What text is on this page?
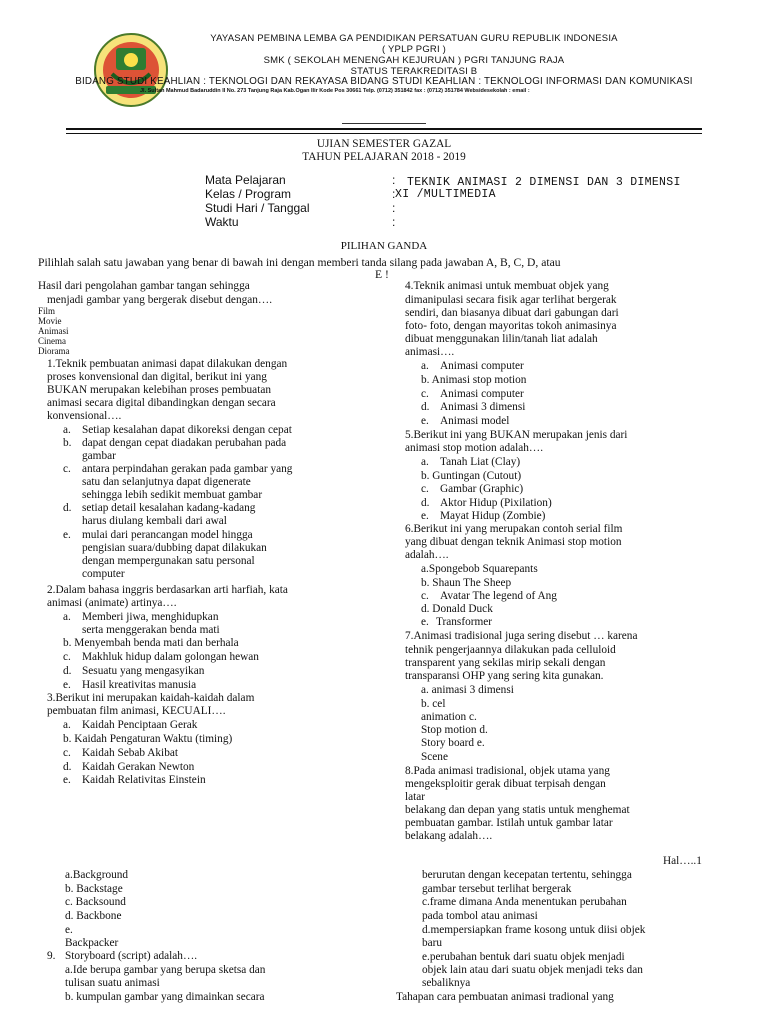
YAYASAN PEMBINA LEMBA GA PENDIDIKAN PERSATUAN GURU REPUBLIK INDONESIA
( YPLP PGRI )
SMK ( SEKOLAH MENENGAH KEJURUAN ) PGRI TANJUNG RAJA
STATUS TERAKREDITASI B
BIDANG STUDI KEAHLIAN : TEKNOLOGI DAN REKAYASA BIDANG STUDI KEAHLIAN : TEKNOLOGI INFORMASI DAN KOMUNIKASI
Jl. Sultan Mahmud Badaruddin II No. 273 Tanjung Raja Kab.Ogan Ilir Kode Pos 30661 Telp. (0712) 351842 fax : (0712) 351784 Websidesekolah : email :
UJIAN SEMESTER GAZAL
TAHUN PELAJARAN 2018 - 2019
Mata Pelajaran
Kelas / Program
Studi Hari / Tanggal
Waktu
:
:
:
:
TEKNIK ANIMASI 2 DIMENSI DAN 3 DIMENSI
XI /MULTIMEDIA
PILIHAN GANDA
Pilihlah salah satu jawaban yang benar di bawah ini dengan memberi tanda silang pada jawaban A, B, C, D, atau
E !
Hasil dari pengolahan gambar tangan sehingga
menjadi gambar yang bergerak disebut dengan….
Film
Movie
Animasi
Cinema
Diorama
1.Teknik pembuatan animasi dapat dilakukan dengan
proses konvensional dan digital, berikut ini yang
BUKAN merupakan kelebihan proses pembuatan
animasi secara digital dibandingkan dengan secara
konvensional….
a. Setiap kesalahan dapat dikoreksi dengan cepat
b. dapat dengan cepat diadakan perubahan pada
gambar
c. antara perpindahan gerakan pada gambar yang
satu dan selanjutnya dapat digenerate
sehingga lebih sedikit membuat gambar
d. setiap detail kesalahan kadang-kadang
harus diulang kembali dari awal
e. mulai dari perancangan model hingga
pengisian suara/dubbing dapat dilakukan
dengan mempergunakan satu personal
computer
2.Dalam bahasa inggris berdasarkan arti harfiah, kata
animasi (animate) artinya….
a. Memberi jiwa, menghidupkan
serta menggerakan benda mati
b. Menyembah benda mati dan berhala
c. Makhluk hidup dalam golongan hewan
d. Sesuatu yang mengasyikan
e. Hasil kreativitas manusia
3.Berikut ini merupakan kaidah-kaidah dalam
pembuatan film animasi, KECUALI….
a. Kaidah Penciptaan Gerak
b. Kaidah Pengaturan Waktu (timing)
c. Kaidah Sebab Akibat
d. Kaidah Gerakan Newton
e. Kaidah Relativitas Einstein
4.Teknik animasi untuk membuat objek yang
dimanipulasi secara fisik agar terlihat bergerak
sendiri, dan biasanya dibuat dari gabungan dari
foto- foto, dengan mayoritas tokoh animasinya
dibuat menggunakan lilin/tanah liat adalah
animasi….
a. Animasi computer
b. Animasi stop motion
c. Animasi computer
d. Animasi 3 dimensi
e. Animasi model
5.Berikut ini yang BUKAN merupakan jenis dari
animasi stop motion adalah….
a. Tanah Liat (Clay)
b. Guntingan (Cutout)
c. Gambar (Graphic)
d. Aktor Hidup (Pixilation)
e. Mayat Hidup (Zombie)
6.Berikut ini yang merupakan contoh serial film
yang dibuat dengan teknik Animasi stop motion
adalah….
a.Spongebob Squarepants
b. Shaun The Sheep
c. Avatar The legend of Ang
d. Donald Duck
e. Transformer
7.Animasi tradisional juga sering disebut … karena
tehnik pengerjaannya dilakukan pada celluloid
transparent yang sekilas mirip sekali dengan
transparansi OHP yang sering kita gunakan.
a. animasi 3 dimensi
b. cel
animation c.
Stop motion d.
Story board e.
Scene
8.Pada animasi tradisional, objek utama yang
mengeksploitir gerak dibuat terpisah dengan
latar
belakang dan depan yang statis untuk menghemat
pembuatan gambar. Istilah untuk gambar latar
belakang adalah….
Hal…..1
a.Background
b. Backstage
c. Backsound
d. Backbone
e.
Backpacker
9. Storyboard (script) adalah….
a.Ide berupa gambar yang berupa sketsa dan
tulisan suatu animasi
b. kumpulan gambar yang dimainkan secara
berurutan dengan kecepatan tertentu, sehingga
gambar tersebut terlihat bergerak
c.frame dimana Anda menentukan perubahan
pada tombol atau animasi
d.mempersiapkan frame kosong untuk diisi objek
baru
e.perubahan bentuk dari suatu objek menjadi
objek lain atau dari suatu objek menjadi teks dan
sebaliknya
Tahapan cara pembuatan animasi tradional yang
